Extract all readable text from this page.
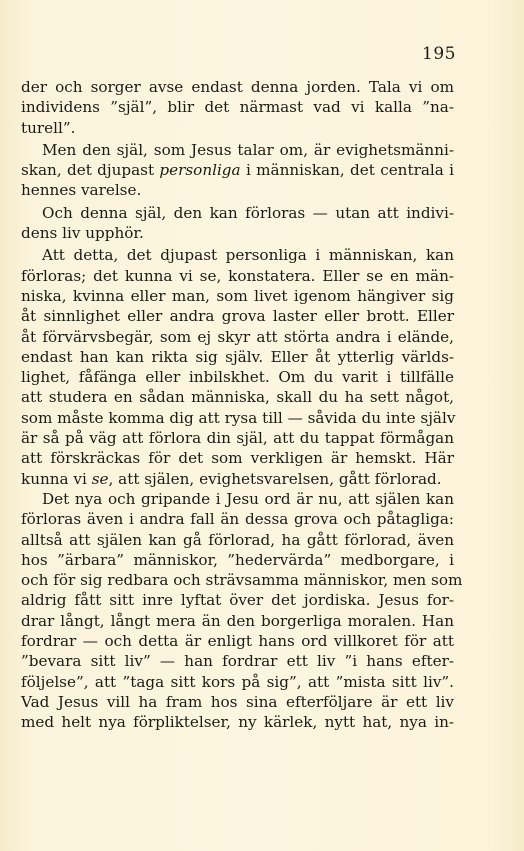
195
der och sorger avse endast denna jorden. Tala vi om
individens ”själ”, blir det närmast vad vi kalla ”na-
turell”.
Men den själ, som Jesus talar om, är evighetsmänni-
skan, det djupast personliga i människan, det centrala i
hennes varelse.
Och denna själ, den kan förloras — utan att indivi-
dens liv upphör.
Att detta, det djupast personliga i människan, kan
förloras; det kunna vi se, konstatera. Eller se en män-
niska, kvinna eller man, som livet igenom hängiver sig
åt sinnlighet eller andra grova laster eller brott. Eller
åt förvärvsbegär, som ej skyr att störta andra i elände,
endast han kan rikta sig själv. Eller åt ytterlig världs-
lighet, fåfänga eller inbilskhet. Om du varit i tillfälle
att studera en sådan människa, skall du ha sett något,
som måste komma dig att rysa till — såvida du inte själv
är så på väg att förlora din själ, att du tappat förmågan
att förskräckas för det som verkligen är hemskt. Här
kunna vi se, att själen, evighetsvarelsen, gått förlorad.
Det nya och gripande i Jesu ord är nu, att själen kan
förloras även i andra fall än dessa grova och påtagliga:
alltså att själen kan gå förlorad, ha gått förlorad, även
hos ”ärbara” människor, ”hedervärda” medborgare, i
och för sig redbara och strävsamma människor, men som
aldrig fått sitt inre lyftat över det jordiska. Jesus for-
drar långt, långt mera än den borgerliga moralen. Han
fordrar — och detta är enligt hans ord villkoret för att
”bevara sitt liv” — han fordrar ett liv ”i hans efter-
följelse”, att ”taga sitt kors på sig”, att ”mista sitt liv”.
Vad Jesus vill ha fram hos sina efterföljare är ett liv
med helt nya förpliktelser, ny kärlek, nytt hat, nya in-
